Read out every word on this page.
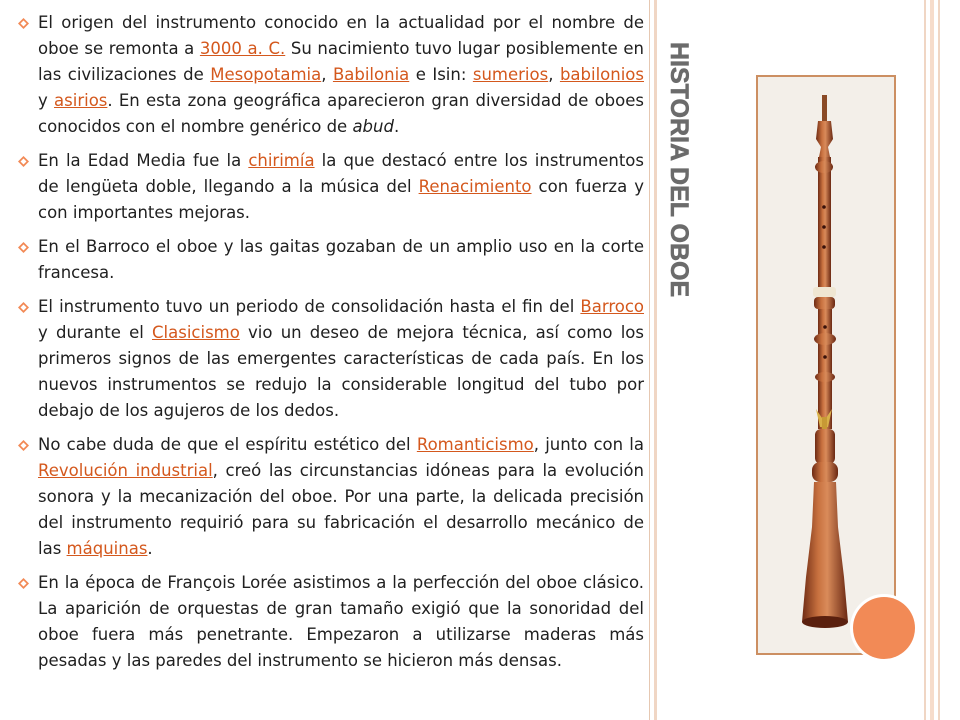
El origen del instrumento conocido en la actualidad por el nombre de oboe se remonta a 3000 a. C. Su nacimiento tuvo lugar posiblemente en las civilizaciones de Mesopotamia, Babilonia e Isin: sumerios, babilonios y asirios. En esta zona geográfica aparecieron gran diversidad de oboes conocidos con el nombre genérico de abud.
En la Edad Media fue la chirimía la que destacó entre los instrumentos de lengüeta doble, llegando a la música del Renacimiento con fuerza y con importantes mejoras.
En el Barroco el oboe y las gaitas gozaban de un amplio uso en la corte francesa.
El instrumento tuvo un periodo de consolidación hasta el fin del Barroco y durante el Clasicismo vio un deseo de mejora técnica, así como los primeros signos de las emergentes características de cada país. En los nuevos instrumentos se redujo la considerable longitud del tubo por debajo de los agujeros de los dedos.
No cabe duda de que el espíritu estético del Romanticismo, junto con la Revolución industrial, creó las circunstancias idóneas para la evolución sonora y la mecanización del oboe. Por una parte, la delicada precisión del instrumento requirió para su fabricación el desarrollo mecánico de las máquinas.
En la época de François Lorée asistimos a la perfección del oboe clásico. La aparición de orquestas de gran tamaño exigió que la sonoridad del oboe fuera más penetrante. Empezaron a utilizarse maderas más pesadas y las paredes del instrumento se hicieron más densas.
HISTORIA DEL OBOE
